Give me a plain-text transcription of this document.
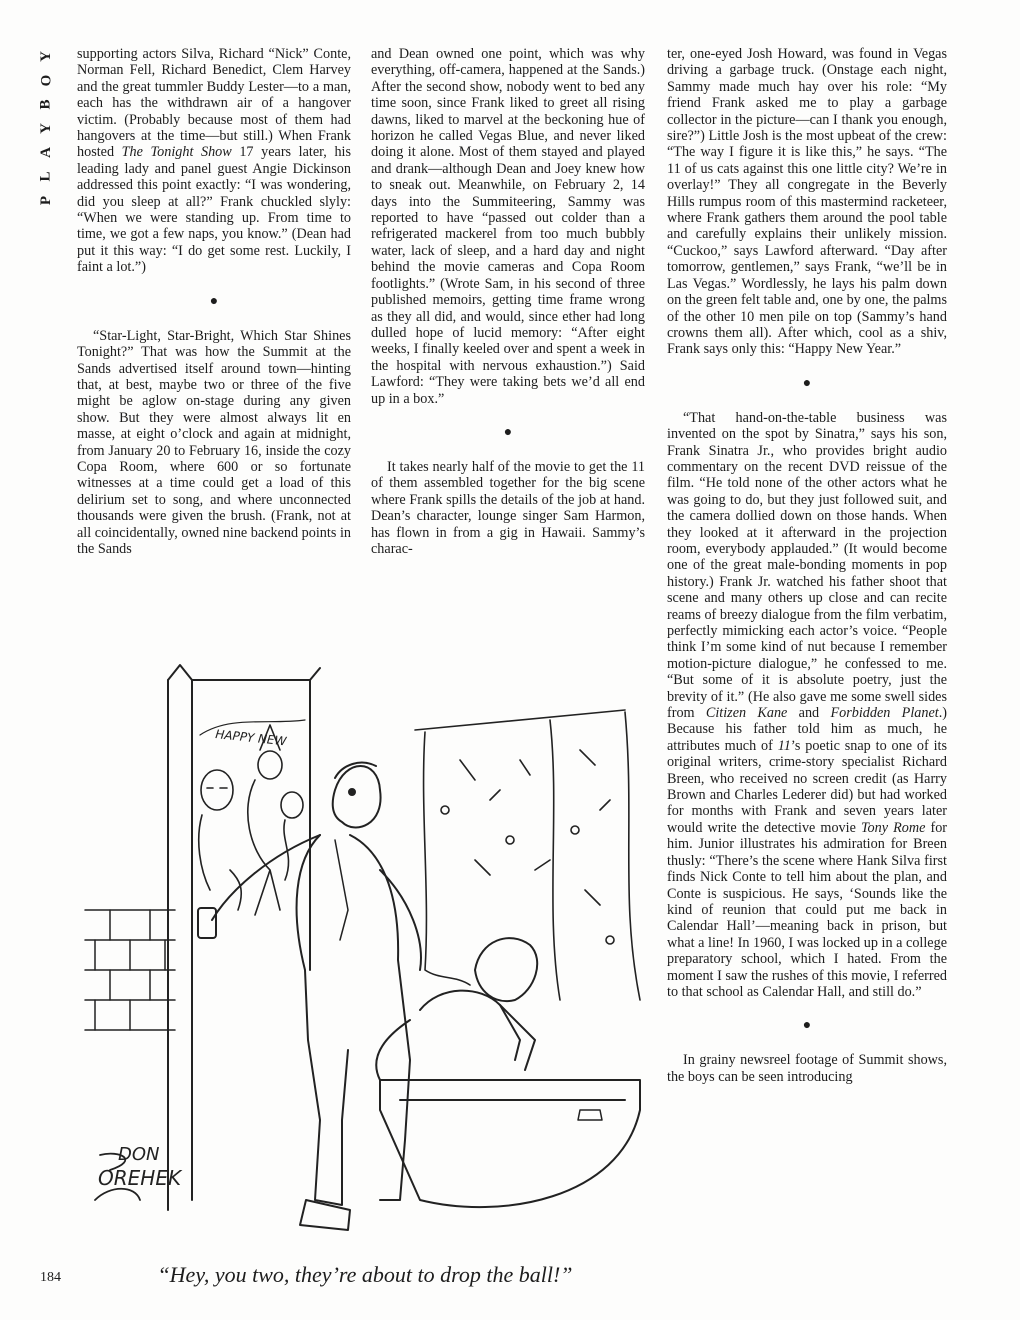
Y
O
B
Y
A
L
P

supporting actors Silva, Richard “Nick” Conte, Norman Fell, Richard Benedict, Clem Harvey and the great tummler Buddy Lester—to a man, each has the withdrawn air of a hangover victim. (Probably because most of them had hangovers at the time—but still.) When Frank hosted The Tonight Show 17 years later, his leading lady and panel guest Angie Dickinson addressed this point exactly: “I was wondering, did you sleep at all?” Frank chuckled slyly: “When we were standing up. From time to time, we got a few naps, you know.” (Dean had put it this way: “I do get some rest. Luckily, I faint a lot.”)

●

“Star-Light, Star-Bright, Which Star Shines Tonight?” That was how the Summit at the Sands advertised itself around town—hinting that, at best, maybe two or three of the five might be aglow on-stage during any given show. But they were almost always lit en masse, at eight o’clock and again at midnight, from January 20 to February 16, inside the cozy Copa Room, where 600 or so fortunate witnesses at a time could get a load of this delirium set to song, and where unconnected thousands were given the brush. (Frank, not at all coincidentally, owned nine backend points in the Sands

and Dean owned one point, which was why everything, off-camera, happened at the Sands.) After the second show, nobody went to bed any time soon, since Frank liked to greet all rising dawns, liked to marvel at the beckoning hue of horizon he called Vegas Blue, and never liked doing it alone. Most of them stayed and played and drank—although Dean and Joey knew how to sneak out. Meanwhile, on February 2, 14 days into the Summiteering, Sammy was reported to have “passed out colder than a refrigerated mackerel from too much bubbly water, lack of sleep, and a hard day and night behind the movie cameras and Copa Room footlights.” (Wrote Sam, in his second of three published memoirs, getting time frame wrong as they all did, and would, since ether had long dulled hope of lucid memory: “After eight weeks, I finally keeled over and spent a week in the hospital with nervous exhaustion.”) Said Lawford: “They were taking bets we’d all end up in a box.”

●

It takes nearly half of the movie to get the 11 of them assembled together for the big scene where Frank spills the details of the job at hand. Dean’s character, lounge singer Sam Harmon, has flown in from a gig in Hawaii. Sammy’s charac-

ter, one-eyed Josh Howard, was found in Vegas driving a garbage truck. (Onstage each night, Sammy made much hay over his role: “My friend Frank asked me to play a garbage collector in the picture—can I thank you enough, sire?”) Little Josh is the most upbeat of the crew: “The way I figure it is like this,” he says. “The 11 of us cats against this one little city? We’re in overlay!” They all congregate in the Beverly Hills rumpus room of this mastermind racketeer, where Frank gathers them around the pool table and carefully explains their unlikely mission. “Cuckoo,” says Lawford afterward. “Day after tomorrow, gentlemen,” says Frank, “we’ll be in Las Vegas.” Wordlessly, he lays his palm down on the green felt table and, one by one, the palms of the other 10 men pile on top (Sammy’s hand crowns them all). After which, cool as a shiv, Frank says only this: “Happy New Year.”

●

“That hand-on-the-table business was invented on the spot by Sinatra,” says his son, Frank Sinatra Jr., who provides bright audio commentary on the recent DVD reissue of the film. “He told none of the other actors what he was going to do, but they just followed suit, and the camera dollied down on those hands. When they looked at it afterward in the projection room, everybody applauded.” (It would become one of the great male-bonding moments in pop history.) Frank Jr. watched his father shoot that scene and many others up close and can recite reams of breezy dialogue from the film verbatim, perfectly mimicking each actor’s voice. “People think I’m some kind of nut because I remember motion-picture dialogue,” he confessed to me. “But some of it is absolute poetry, just the brevity of it.” (He also gave me some swell sides from Citizen Kane and Forbidden Planet.) Because his father told him as much, he attributes much of 11’s poetic snap to one of its original writers, crime-story specialist Richard Breen, who received no screen credit (as Harry Brown and Charles Lederer did) but had worked for months with Frank and seven years later would write the detective movie Tony Rome for him. Junior illustrates his admiration for Breen thusly: “There’s the scene where Hank Silva first finds Nick Conte to tell him about the plan, and Conte is suspicious. He says, ‘Sounds like the kind of reunion that could put me back in Calendar Hall’—meaning back in prison, but what a line! In 1960, I was locked up in a college preparatory school, which I hated. From the moment I saw the rushes of this movie, I referred to that school as Calendar Hall, and still do.”

●

In grainy newsreel footage of Summit shows, the boys can be seen introducing

HAPPY NEW
DON
OREHEK
“Hey, you two, they’re about to drop the ball!”
184
